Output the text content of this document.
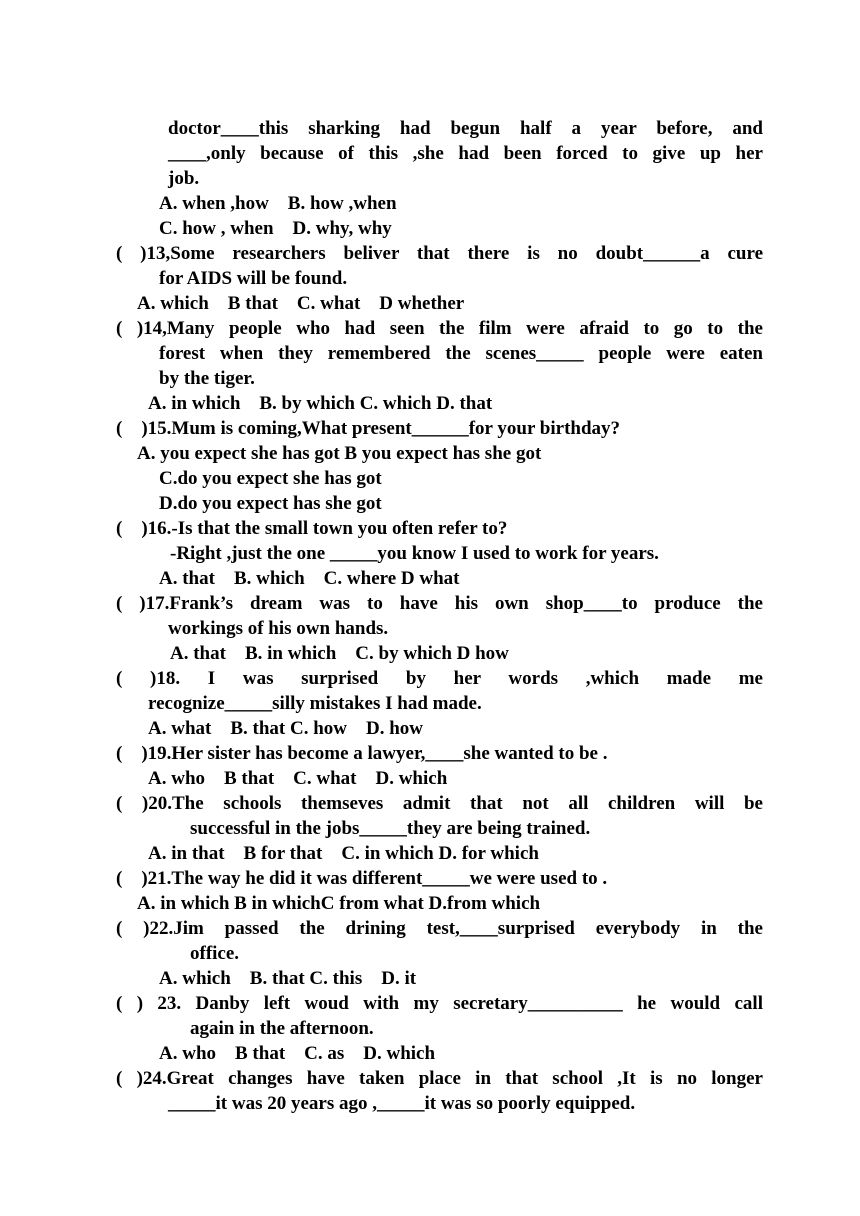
doctor____this sharking had begun half a year before, and
____,only because of this ,she had been forced to give up her
job.
A. when ,how    B. how ,when
C. how , when    D. why, why
( )13,Some researchers beliver that there is no doubt______a cure
for AIDS will be found.
A. which    B that    C. what    D whether
( )14,Many people who had seen the film were afraid to go to the
forest when they remembered the scenes_____ people were eaten
by the tiger.
A. in which    B. by which C. which D. that
(    )15.Mum is coming,What present______for your birthday?
A. you expect she has got B you expect has she got
C.do you expect she has got
D.do you expect has she got
(    )16.-Is that the small town you often refer to?
-Right ,just the one _____you know I used to work for years.
A. that    B. which    C. where D what
( )17.Frank’s dream was to have his own shop____to produce the
workings of his own hands.
A. that    B. in which    C. by which D how
( )18. I was surprised by her words ,which made me
recognize_____silly mistakes I had made.
A. what    B. that C. how    D. how
(    )19.Her sister has become a lawyer,____she wanted to be .
A. who    B that    C. what    D. which
( )20.The schools themseves admit that not all children will be
successful in the jobs_____they are being trained.
A. in that    B for that    C. in which D. for which
(    )21.The way he did it was different_____we were used to .
A. in which B in whichC from what D.from which
( )22.Jim passed the drining test,____surprised everybody in the
office.
A. which    B. that C. this    D. it
( ) 23. Danby left woud with my secretary__________ he would call
again in the afternoon.
A. who    B that    C. as    D. which
( )24.Great changes have taken place in that school ,It is no longer
_____it was 20 years ago ,_____it was so poorly equipped.
